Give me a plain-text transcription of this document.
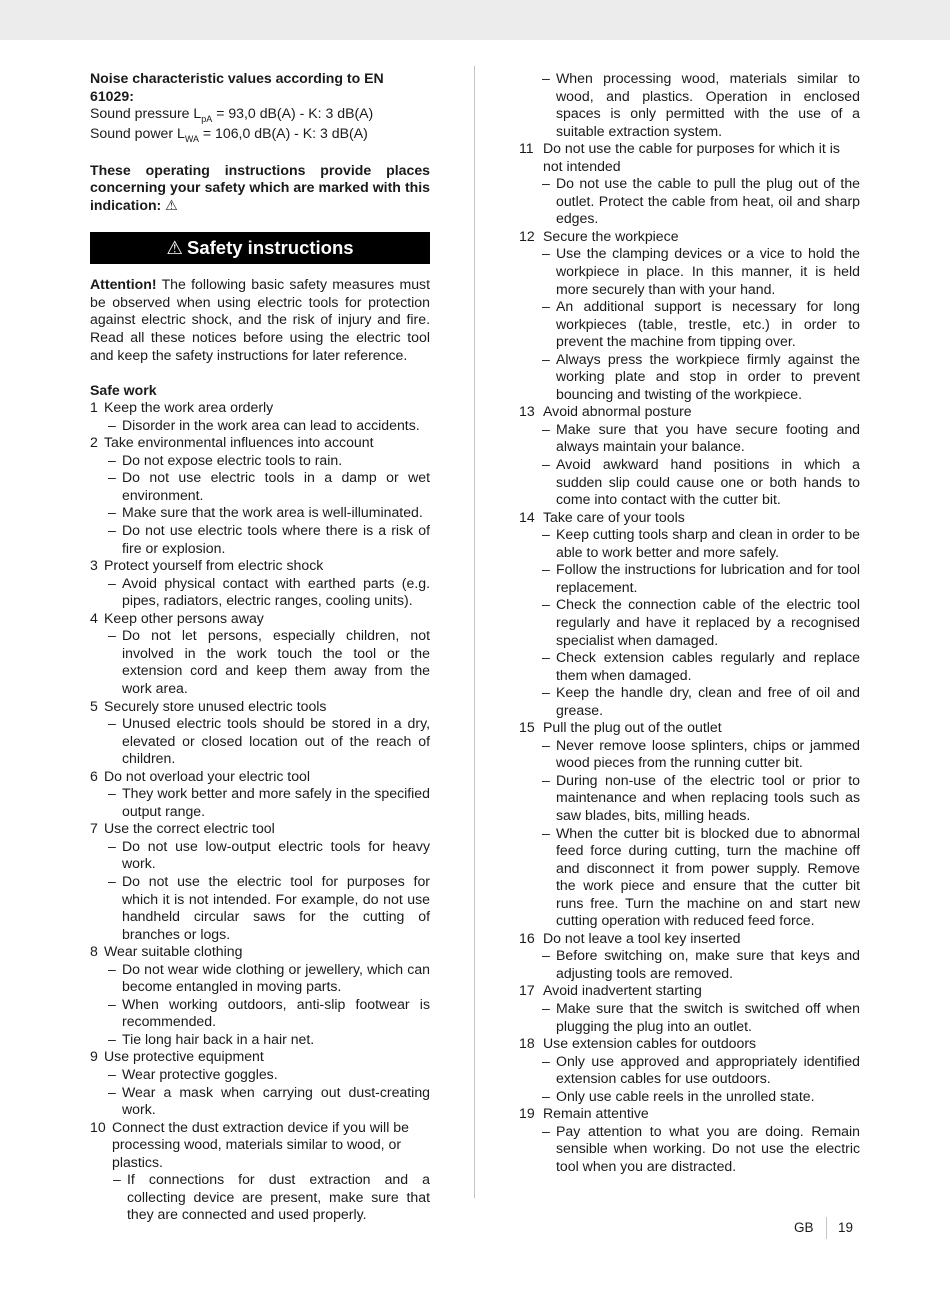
Noise characteristic values according to EN 61029:

Sound pressure $L_{pA} = 93,0$ dB(A) - K: 3 dB(A)

Sound power $L_{WA} = 106,0$ dB(A) - K: 3 dB(A)

These operating instructions provide places concerning your safety which are marked with this indication: ⚠

⚠ Safety instructions

Attention! The following basic safety measures must be observed when using electric tools for protection against electric shock, and the risk of injury and fire. Read all these notices before using the electric tool and keep the safety instructions for later reference.

Safe work

1 Keep the work area orderly
– Disorder in the work area can lead to accidents.
2 Take environmental influences into account
– Do not expose electric tools to rain.
– Do not use electric tools in a damp or wet environment.
– Make sure that the work area is well-illuminated.
– Do not use electric tools where there is a risk of fire or explosion.
3 Protect yourself from electric shock
– Avoid physical contact with earthed parts (e.g. pipes, radiators, electric ranges, cooling units).
4 Keep other persons away
– Do not let persons, especially children, not involved in the work touch the tool or the extension cord and keep them away from the work area.
5 Securely store unused electric tools
– Unused electric tools should be stored in a dry, elevated or closed location out of the reach of children.
6 Do not overload your electric tool
– They work better and more safely in the specified output range.
7 Use the correct electric tool
– Do not use low-output electric tools for heavy work.
– Do not use the electric tool for purposes for which it is not intended. For example, do not use handheld circular saws for the cutting of branches or logs.
8 Wear suitable clothing
– Do not wear wide clothing or jewellery, which can become entangled in moving parts.
– When working outdoors, anti-slip footwear is recommended.
– Tie long hair back in a hair net.
9 Use protective equipment
– Wear protective goggles.
– Wear a mask when carrying out dust-creating work.
10 Connect the dust extraction device if you will be processing wood, materials similar to wood, or plastics.
– If connections for dust extraction and a collecting device are present, make sure that they are connected and used properly.
– When processing wood, materials similar to wood, and plastics. Operation in enclosed spaces is only permitted with the use of a suitable extraction system.
11 Do not use the cable for purposes for which it is not intended
– Do not use the cable to pull the plug out of the outlet. Protect the cable from heat, oil and sharp edges.
12 Secure the workpiece
– Use the clamping devices or a vice to hold the workpiece in place. In this manner, it is held more securely than with your hand.
– An additional support is necessary for long workpieces (table, trestle, etc.) in order to prevent the machine from tipping over.
– Always press the workpiece firmly against the working plate and stop in order to prevent bouncing and twisting of the workpiece.
13 Avoid abnormal posture
– Make sure that you have secure footing and always maintain your balance.
– Avoid awkward hand positions in which a sudden slip could cause one or both hands to come into contact with the cutter bit.
14 Take care of your tools
– Keep cutting tools sharp and clean in order to be able to work better and more safely.
– Follow the instructions for lubrication and for tool replacement.
– Check the connection cable of the electric tool regularly and have it replaced by a recognised specialist when damaged.
– Check extension cables regularly and replace them when damaged.
– Keep the handle dry, clean and free of oil and grease.
15 Pull the plug out of the outlet
– Never remove loose splinters, chips or jammed wood pieces from the running cutter bit.
– During non-use of the electric tool or prior to maintenance and when replacing tools such as saw blades, bits, milling heads.
– When the cutter bit is blocked due to abnormal feed force during cutting, turn the machine off and disconnect it from power supply. Remove the work piece and ensure that the cutter bit runs free. Turn the machine on and start new cutting operation with reduced feed force.
16 Do not leave a tool key inserted
– Before switching on, make sure that keys and adjusting tools are removed.
17 Avoid inadvertent starting
– Make sure that the switch is switched off when plugging the plug into an outlet.
18 Use extension cables for outdoors
– Only use approved and appropriately identified extension cables for use outdoors.
– Only use cable reels in the unrolled state.
19 Remain attentive
– Pay attention to what you are doing. Remain sensible when working. Do not use the electric tool when you are distracted.
GB 19
